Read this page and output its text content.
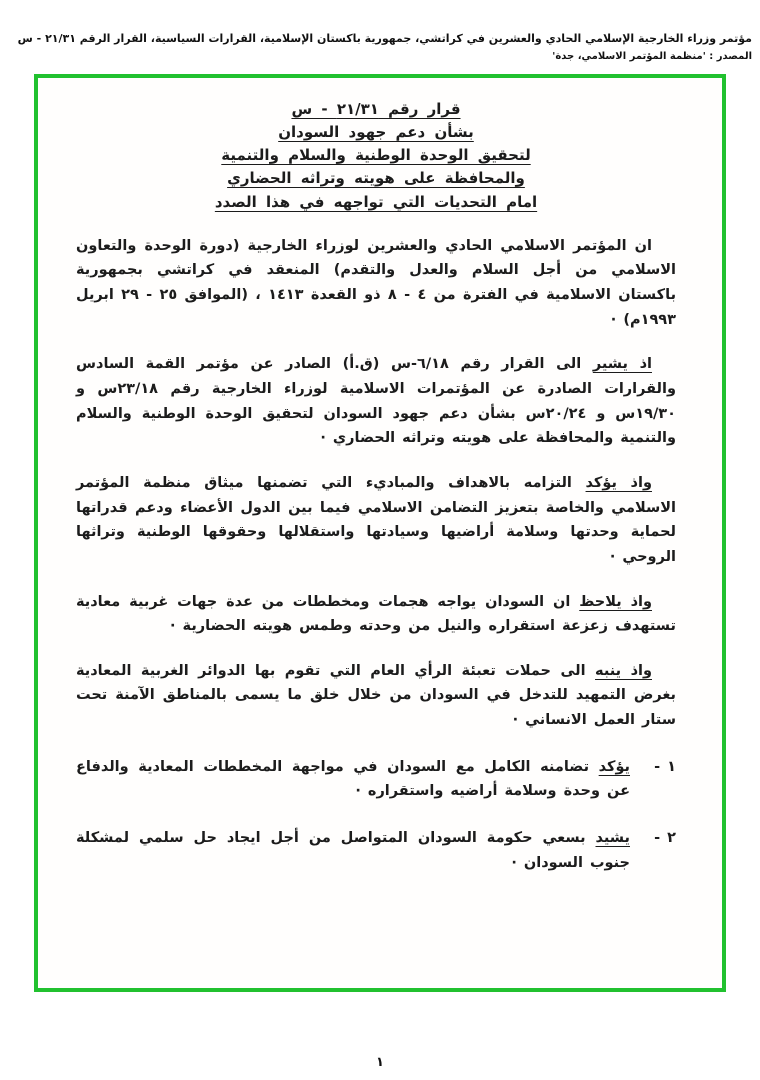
مؤتمر وزراء الخارجية الإسلامي الحادي والعشرين في كراتشي، جمهورية باكستان الإسلامية، القرارات السياسية، القرار الرقم ٢١/٣١ - س
المصدر : 'منظمة المؤتمر الاسلامي، جدة'
قرار رقم ٢١/٣١ - س
بشأن دعم جهود السودان
لتحقيق الوحدة الوطنية والسلام والتنمية
والمحافظة على هويته وتراثه الحضاري
امام التحديات التي تواجهه في هذا الصدد

ان المؤتمر الاسلامي الحادي والعشرين لوزراء الخارجية (دورة الوحدة والتعاون الاسلامي من أجل السلام والعدل والتقدم) المنعقد في كراتشي بجمهورية باكستان الاسلامية في الفترة من ٤ - ٨ ذو القعدة ١٤١٣ ، (الموافق ٢٥ - ٢٩ ابريل ١٩٩٣م) ·

اذ يشير الى القرار رقم ٦/١٨-س (ق.أ) الصادر عن مؤتمر القمة السادس والقرارات الصادرة عن المؤتمرات الاسلامية لوزراء الخارجية رقم ٢٣/١٨س و ١٩/٣٠س و ٢٠/٢٤س بشأن دعم جهود السودان لتحقيق الوحدة الوطنية والسلام والتنمية والمحافظة على هويته وتراثه الحضاري ·

واذ يؤكد التزامه بالاهداف والمباديء التي تضمنها ميثاق منظمة المؤتمر الاسلامي والخاصة بتعزيز التضامن الاسلامي فيما بين الدول الأعضاء ودعم قدراتها لحماية وحدتها وسلامة أراضيها وسيادتها واستقلالها وحقوقها الوطنية وتراثها الروحي ·

واذ يلاحظ ان السودان يواجه هجمات ومخططات من عدة جهات غربية معادية تستهدف زعزعة استقراره والنيل من وحدته وطمس هويته الحضارية ·

واذ ينبه الى حملات تعبئة الرأي العام التي تقوم بها الدوائر الغربية المعادية بغرض التمهيد للتدخل في السودان من خلال خلق ما يسمى بالمناطق الآمنة تحت ستار العمل الانساني ·

١ -
يؤكد تضامنه الكامل مع السودان في مواجهة المخططات المعادية والدفاع عن وحدة وسلامة أراضيه واستقراره ·
٢ -
يشيد بسعي حكومة السودان المتواصل من أجل ايجاد حل سلمي لمشكلة جنوب السودان ·
١
